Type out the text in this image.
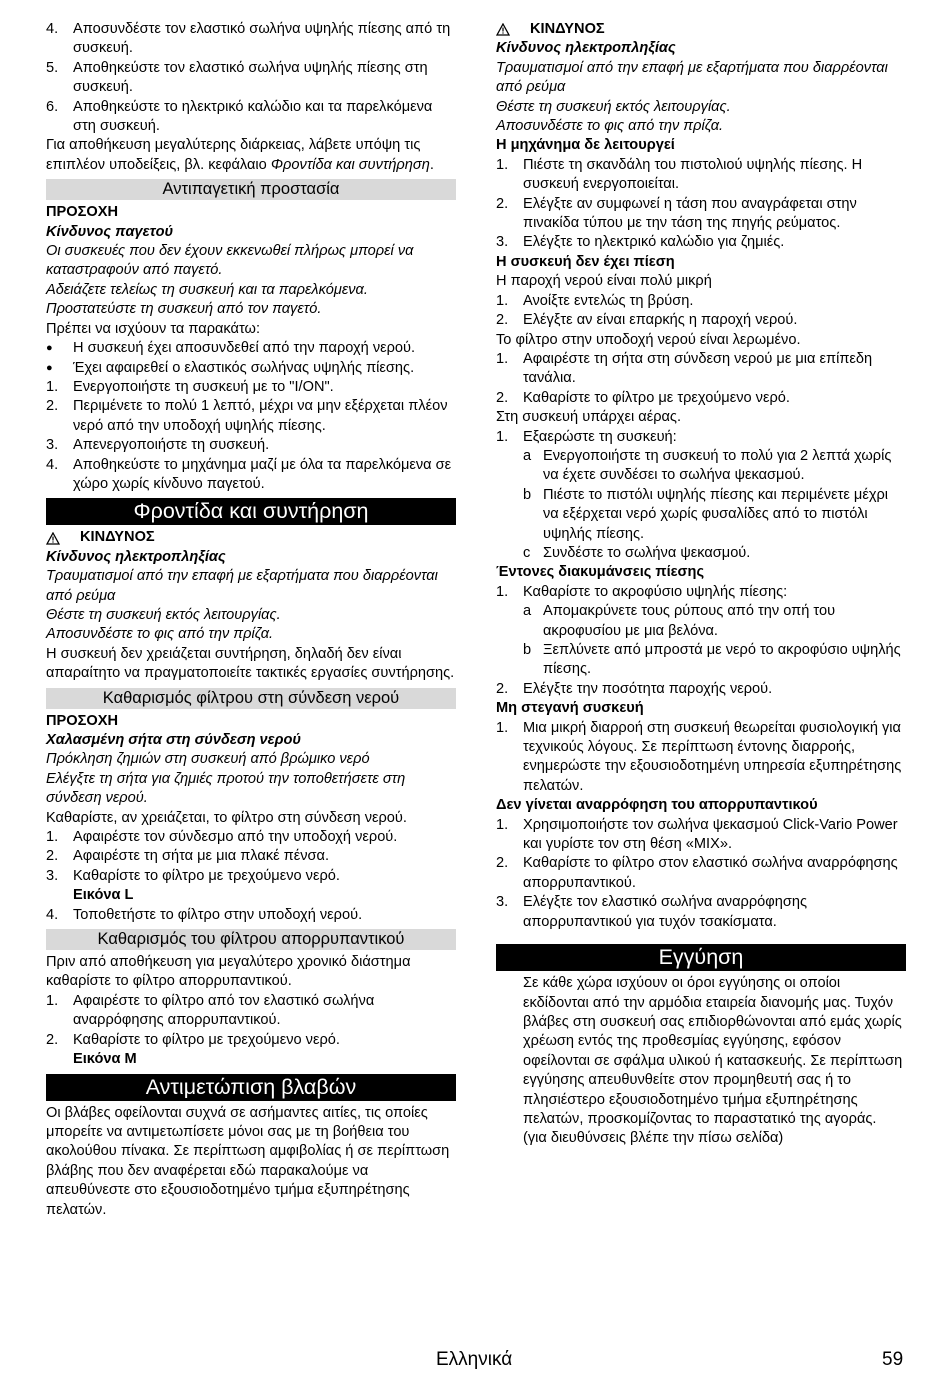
4.	Αποσυνδέστε τον ελαστικό σωλήνα υψηλής πίεσης από τη συσκευή.
5.	Αποθηκεύστε τον ελαστικό σωλήνα υψηλής πίεσης στη συσκευή.
6.	Αποθηκεύστε το ηλεκτρικό καλώδιο και τα παρελκόμενα στη συσκευή.

Για αποθήκευση μεγαλύτερης διάρκειας, λάβετε υπόψη τις επιπλέον υποδείξεις, βλ. κεφάλαιο Φροντίδα και συντήρηση.

Αντιπαγετική προστασία

ΠΡΟΣΟΧΗ

Κίνδυνος παγετού

Οι συσκευές που δεν έχουν εκκενωθεί πλήρως μπορεί να καταστραφούν από παγετό.

Αδειάζετε τελείως τη συσκευή και τα παρελκόμενα.

Προστατεύστε τη συσκευή από τον παγετό.

Πρέπει να ισχύουν τα παρακάτω:

●	Η συσκευή έχει αποσυνδεθεί από την παροχή νερού.
●	Έχει αφαιρεθεί ο ελαστικός σωλήνας υψηλής πίεσης.
1.	Ενεργοποιήστε τη συσκευή με το "I/ON".
2.	Περιμένετε το πολύ 1 λεπτό, μέχρι να μην εξέρχεται πλέον νερό από την υποδοχή υψηλής πίεσης.
3.	Απενεργοποιήστε τη συσκευή.
4.	Αποθηκεύστε το μηχάνημα μαζί με όλα τα παρελκόμενα σε χώρο χωρίς κίνδυνο παγετού.
Φροντίδα και συντήρηση
ΚΙΝΔΥΝΟΣ

Κίνδυνος ηλεκτροπληξίας

Τραυματισμοί από την επαφή με εξαρτήματα που διαρρέονται από ρεύμα

Θέστε τη συσκευή εκτός λειτουργίας.

Αποσυνδέστε το φις από την πρίζα.

Η συσκευή δεν χρειάζεται συντήρηση, δηλαδή δεν είναι απαραίτητο να πραγματοποιείτε τακτικές εργασίες συντήρησης.

Καθαρισμός φίλτρου στη σύνδεση νερού

ΠΡΟΣΟΧΗ

Χαλασμένη σήτα στη σύνδεση νερού

Πρόκληση ζημιών στη συσκευή από βρώμικο νερό

Ελέγξτε τη σήτα για ζημιές προτού την τοποθετήσετε στη σύνδεση νερού.

Καθαρίστε, αν χρειάζεται, το φίλτρο στη σύνδεση νερού.

1.	Αφαιρέστε τον σύνδεσμο από την υποδοχή νερού.
2.	Αφαιρέστε τη σήτα με μια πλακέ πένσα.
3.	Καθαρίστε το φίλτρο με τρεχούμενο νερό.

Εικόνα L

4.	Τοποθετήστε το φίλτρο στην υποδοχή νερού.
Καθαρισμός του φίλτρου απορρυπαντικού

Πριν από αποθήκευση για μεγαλύτερο χρονικό διάστημα καθαρίστε το φίλτρο απορρυπαντικού.

1.	Αφαιρέστε το φίλτρο από τον ελαστικό σωλήνα αναρρόφησης απορρυπαντικού.
2.	Καθαρίστε το φίλτρο με τρεχούμενο νερό.

Εικόνα M

Αντιμετώπιση βλαβών

Οι βλάβες οφείλονται συχνά σε ασήμαντες αιτίες, τις οποίες μπορείτε να αντιμετωπίσετε μόνοι σας με τη βοήθεια του ακολούθου πίνακα. Σε περίπτωση αμφιβολίας ή σε περίπτωση βλάβης που δεν αναφέρεται εδώ παρακαλούμε να απευθύνεστε στο εξουσιοδοτημένο τμήμα εξυπηρέτησης πελατών.

ΚΙΝΔΥΝΟΣ

Κίνδυνος ηλεκτροπληξίας

Τραυματισμοί από την επαφή με εξαρτήματα που διαρρέονται από ρεύμα

Θέστε τη συσκευή εκτός λειτουργίας.

Αποσυνδέστε το φις από την πρίζα.

Η μηχάνημα δε λειτουργεί

1.	Πιέστε τη σκανδάλη του πιστολιού υψηλής πίεσης. Η συσκευή ενεργοποιείται.
2.	Ελέγξτε αν συμφωνεί η τάση που αναγράφεται στην πινακίδα τύπου με την τάση της πηγής ρεύματος.
3.	Ελέγξτε το ηλεκτρικό καλώδιο για ζημιές.

Η συσκευή δεν έχει πίεση

Η παροχή νερού είναι πολύ μικρή

1.	Ανοίξτε εντελώς τη βρύση.
2.	Ελέγξτε αν είναι επαρκής η παροχή νερού.

Το φίλτρο στην υποδοχή νερού είναι λερωμένο.

1.	Αφαιρέστε τη σήτα στη σύνδεση νερού με μια επίπεδη τανάλια.
2.	Καθαρίστε το φίλτρο με τρεχούμενο νερό.

Στη συσκευή υπάρχει αέρας.

1.	Εξαερώστε τη συσκευή:
a Ενεργοποιήστε τη συσκευή το πολύ για 2 λεπτά χωρίς να έχετε συνδέσει το σωλήνα ψεκασμού.
b Πιέστε το πιστόλι υψηλής πίεσης και περιμένετε μέχρι να εξέρχεται νερό χωρίς φυσαλίδες από το πιστόλι υψηλής πίεσης.
c Συνδέστε το σωλήνα ψεκασμού.

Έντονες διακυμάνσεις πίεσης

1.	Καθαρίστε το ακροφύσιο υψηλής πίεσης:
a Απομακρύνετε τους ρύπους από την οπή του ακροφυσίου με μια βελόνα.
b Ξεπλύνετε από μπροστά με νερό το ακροφύσιο υψηλής πίεσης.
2.	Ελέγξτε την ποσότητα παροχής νερού.

Μη στεγανή συσκευή

1.	Μια μικρή διαρροή στη συσκευή θεωρείται φυσιολογική για τεχνικούς λόγους. Σε περίπτωση έντονης διαρροής, ενημερώστε την εξουσιοδοτημένη υπηρεσία εξυπηρέτησης πελατών.

Δεν γίνεται αναρρόφηση του απορρυπαντικού

1.	Χρησιμοποιήστε τον σωλήνα ψεκασμού Click-Vario Power και γυρίστε τον στη θέση «MIX».
2.	Καθαρίστε το φίλτρο στον ελαστικό σωλήνα αναρρόφησης απορρυπαντικού.
3.	Ελέγξτε τον ελαστικό σωλήνα αναρρόφησης απορρυπαντικού για τυχόν τσακίσματα.
Εγγύηση

Σε κάθε χώρα ισχύουν οι όροι εγγύησης οι οποίοι εκδίδονται από την αρμόδια εταιρεία διανομής μας. Τυχόν βλάβες στη συσκευή σας επιδιορθώνονται από εμάς χωρίς χρέωση εντός της προθεσμίας εγγύησης, εφόσον οφείλονται σε σφάλμα υλικού ή κατασκευής. Σε περίπτωση εγγύησης απευθυνθείτε στον προμηθευτή σας ή το πλησιέστερο εξουσιοδοτημένο τμήμα εξυπηρέτησης πελατών, προσκομίζοντας το παραστατικό της αγοράς.

(για διευθύνσεις βλέπε την πίσω σελίδα)

Ελληνικά	59
